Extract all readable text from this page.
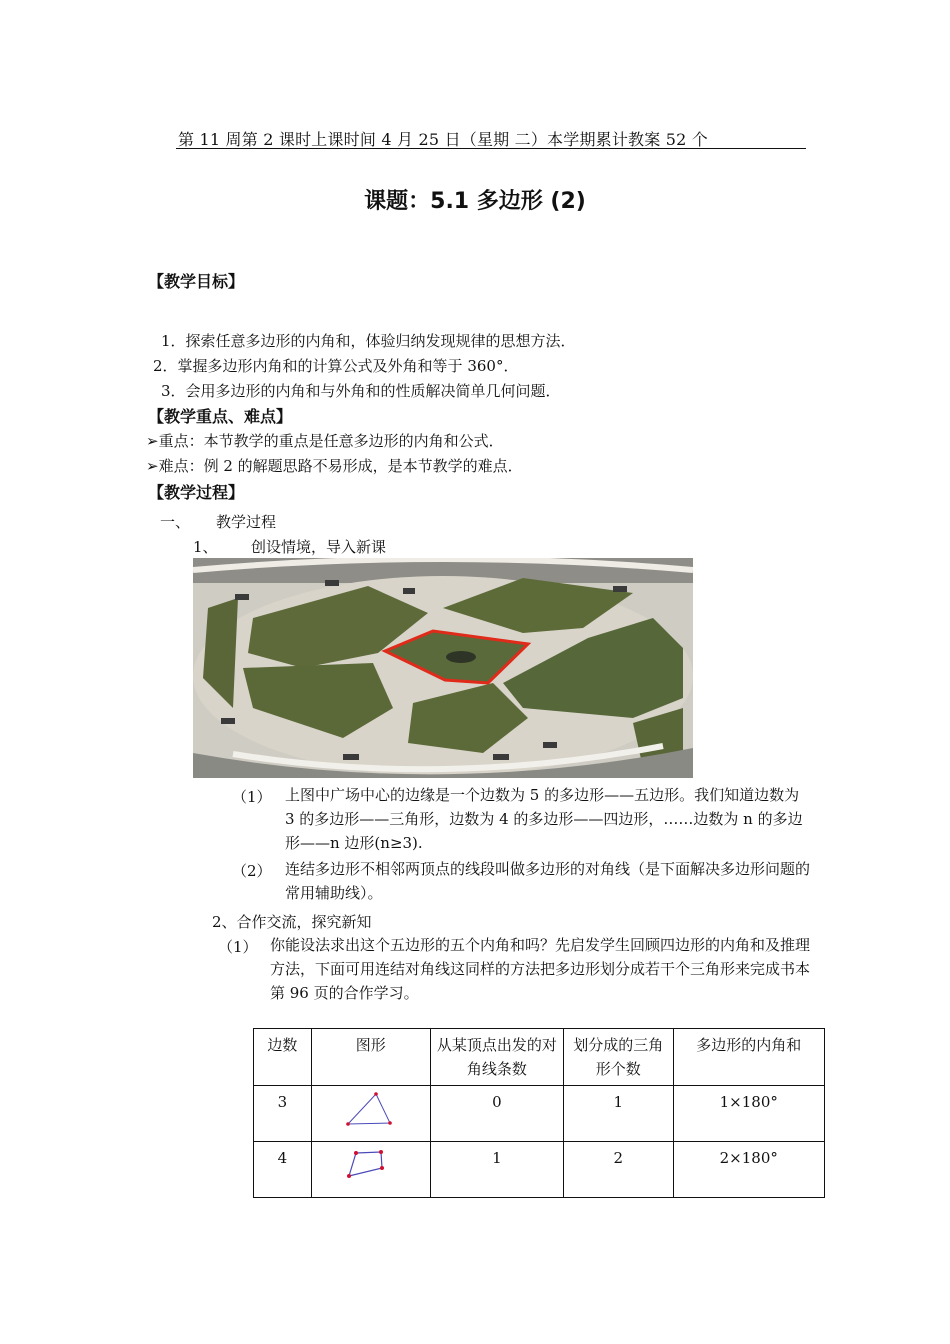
第 11 周第 2 课时上课时间 4 月 25 日（星期 二）本学期累计教案 52 个
课题：5.1 多边形 (2)
【教学目标】
1．探索任意多边形的内角和，体验归纳发现规律的思想方法．
2．掌握多边形内角和的计算公式及外角和等于 360°．
3．会用多边形的内角和与外角和的性质解决简单几何问题．
【教学重点、难点】
➢重点：本节教学的重点是任意多边形的内角和公式．
➢难点：例 2 的解题思路不易形成，是本节教学的难点．
【教学过程】
一、 教学过程
1、 创设情境，导入新课
（1） 上图中广场中心的边缘是一个边数为 5 的多边形——五边形。我们知道边数为 3 的多边形——三角形，边数为 4 的多边形——四边形，……边数为 n 的多边形——n 边形(n≥3).
（2） 连结多边形不相邻两顶点的线段叫做多边形的对角线（是下面解决多边形问题的常用辅助线）。
2、合作交流，探究新知
（1） 你能设法求出这个五边形的五个内角和吗？先启发学生回顾四边形的内角和及推理方法，下面可用连结对角线这同样的方法把多边形划分成若干个三角形来完成书本第 96 页的合作学习。
边数	图形	从某顶点出发的对角线条数	划分成的三角形个数	多边形的内角和
3		0	1	1×180°
4		1	2	2×180°
